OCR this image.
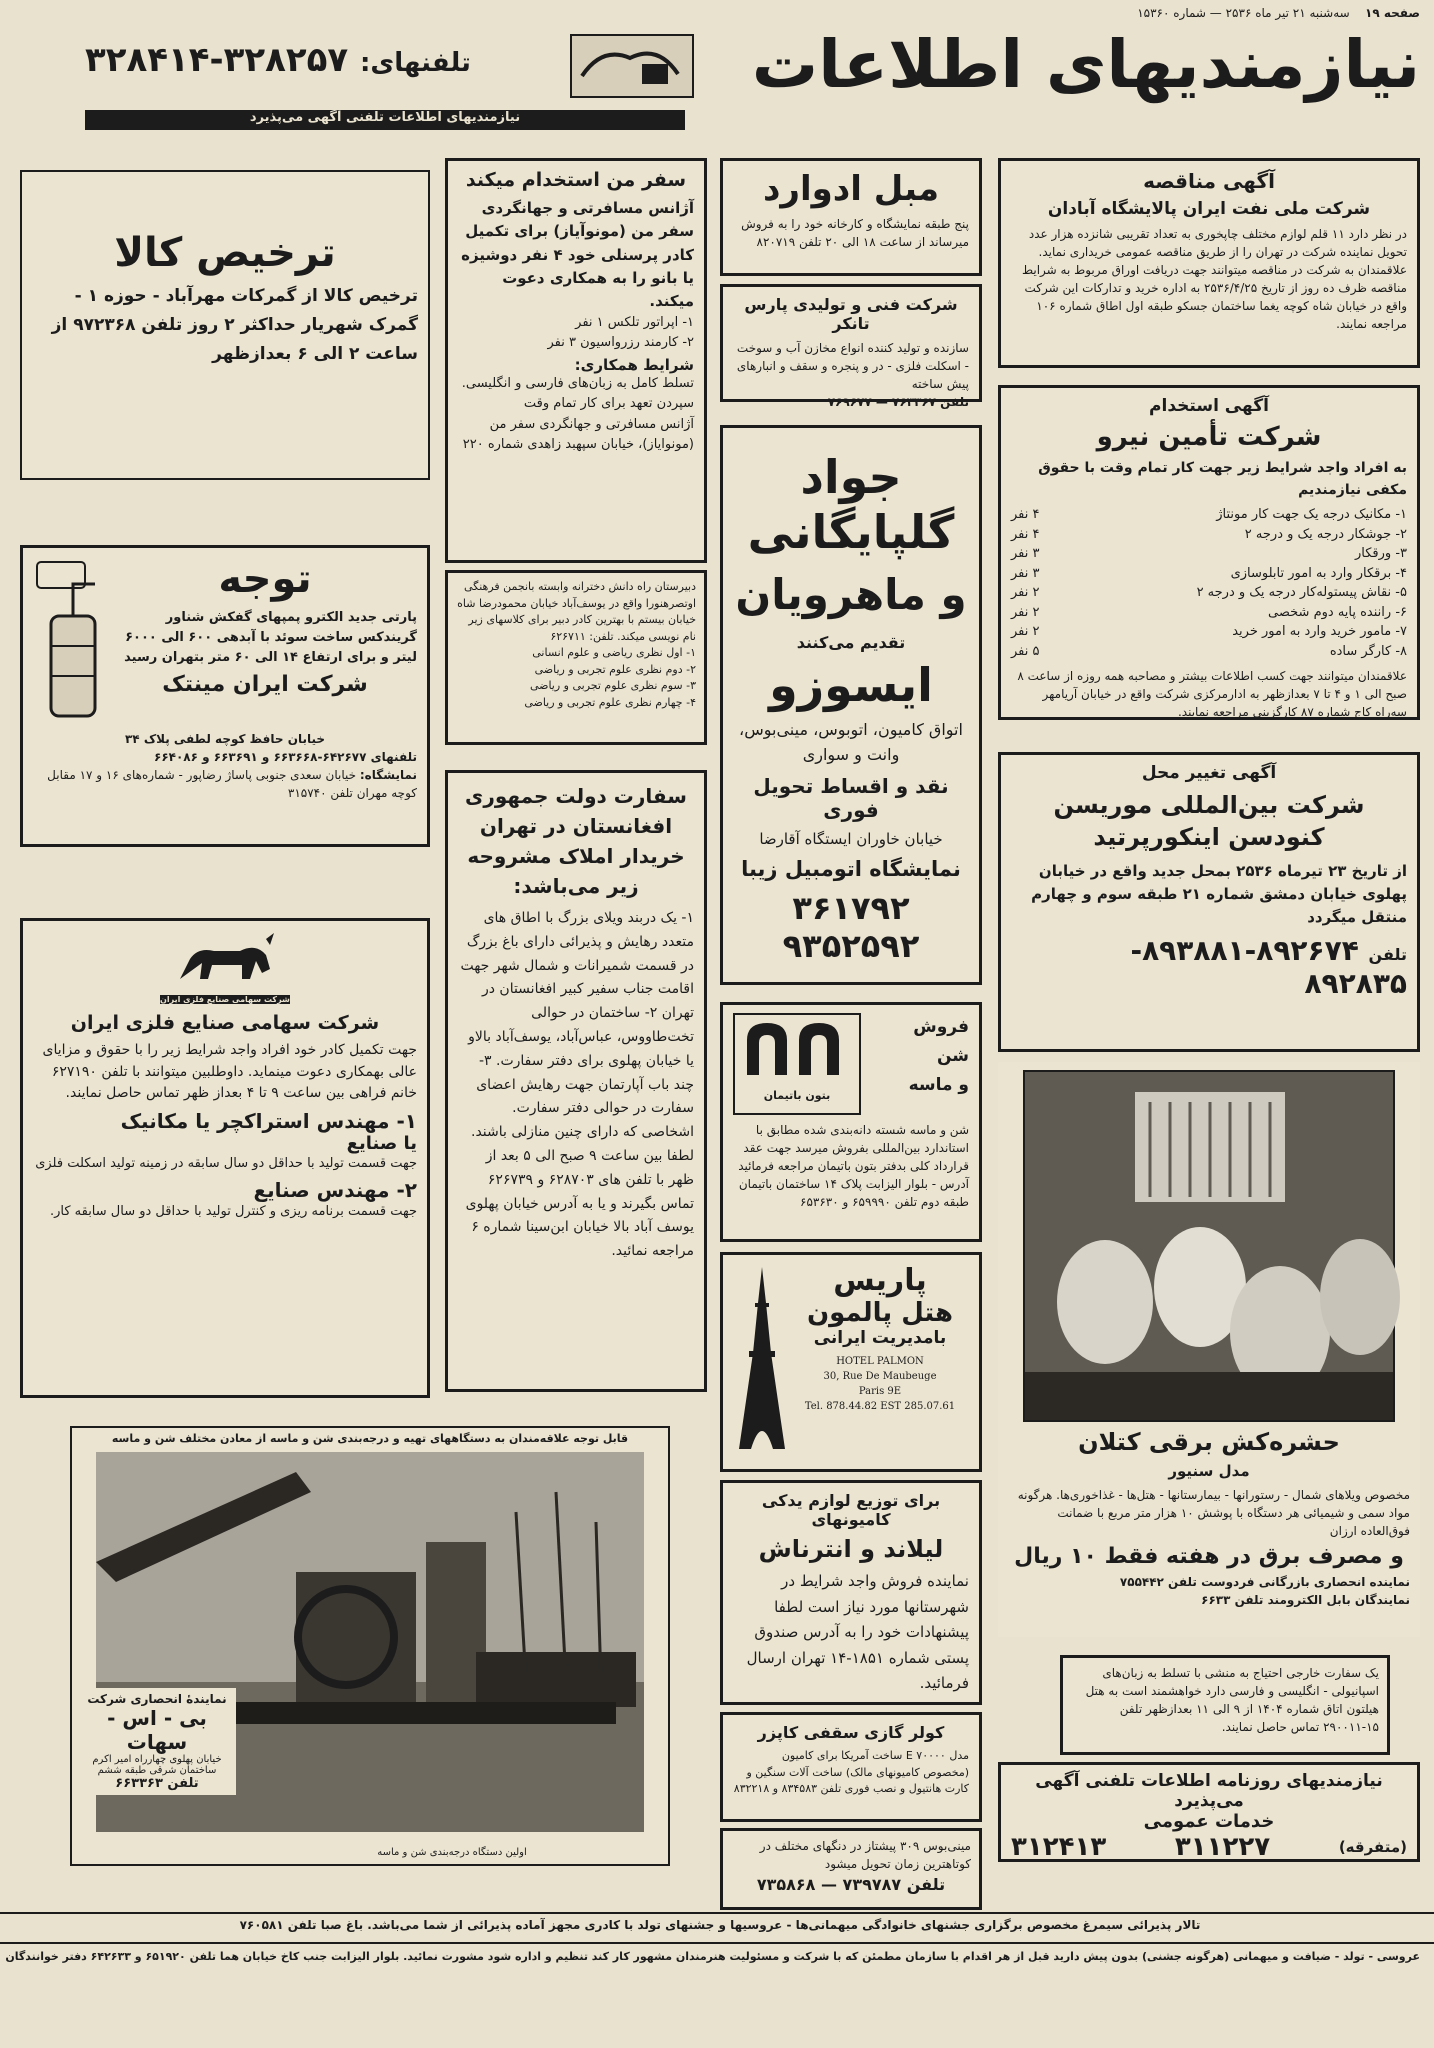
صفحه ۱۹    سه‌شنبه ۲۱ تیر ماه ۲۵۳۶ — شماره ۱۵۳۶۰
نیازمندیهای اطلاعات
تلفنهای: ۳۲۸۲۵۷-۳۲۸۴۱۴
نیازمندیهای اطلاعات تلفنی آگهی می‌پذیرد
آگهی مناقصه
شرکت ملی نفت ایران پالایشگاه آبادان

در نظر دارد ۱۱ قلم لوازم مختلف چاپخوری به تعداد تقریبی شانزده هزار عدد تحویل نماینده شرکت در تهران را از طریق مناقصه عمومی خریداری نماید. علاقمندان به شرکت در مناقصه میتوانند جهت دریافت اوراق مربوط به شرایط مناقصه ظرف ده روز از تاریخ ۲۵۳۶/۴/۲۵ به اداره خرید و تدارکات این شرکت واقع در خیابان شاه کوچه یغما ساختمان جسکو طبقه اول اطاق شماره ۱۰۶ مراجعه نمایند.

آگهی استخدام
شرکت تأمین نیرو

به افراد واجد شرایط زیر جهت کار تمام وقت با حقوق مکفی نیازمندیم

۱- مکانیک درجه یک جهت کار مونتاژ
۴ نفر
۲- جوشکار درجه یک و درجه ۲
۴ نفر
۳- ورقکار
۳ نفر
۴- برقکار وارد به امور تابلوسازی
۳ نفر
۵- نقاش پیستوله‌کار درجه یک و درجه ۲
۲ نفر
۶- راننده پایه دوم شخصی
۲ نفر
۷- مامور خرید وارد به امور خرید
۲ نفر
۸- کارگر ساده
۵ نفر

علاقمندان میتوانند جهت کسب اطلاعات بیشتر و مصاحبه همه روزه از ساعت ۸ صبح الی ۱ و ۴ تا ۷ بعدازظهر به ادارمرکزی شرکت واقع در خیابان آریامهر سه‌راه کاج شماره ۸۷ کارگزینی مراجعه نمایند.

آگهی تغییر محل
شرکت بین‌المللی موریسن کنودسن اینکورپرتید

از تاریخ ۲۳ تیرماه ۲۵۳۶ بمحل جدید واقع در خیابان پهلوی خیابان دمشق شماره ۲۱ طبقه سوم و چهارم منتقل میگردد

تلفن ۸۹۲۶۷۴-۸۹۳۸۸۱-
۸۹۲۸۳۵
حشره‌کش برقی کتلان
مدل سنیور

مخصوص ویلاهای شمال - رستورانها - بیمارستانها - هتل‌ها - غذاخوری‌ها. هرگونه مواد سمی و شیمیائی هر دستگاه با پوشش ۱۰ هزار متر مربع با ضمانت فوق‌العاده ارزان

و مصرف برق در هفته فقط ۱۰ ریال

نماینده انحصاری بازرگانی فردوست تلفن ۷۵۵۴۴۲

نمایندگان بابل الکترومند تلفن ۶۶۳۳

یک سفارت خارجی احتیاج به منشی با تسلط به زبان‌های اسپانیولی - انگلیسی و فارسی دارد خواهشمند است به هتل هیلتون اتاق شماره ۱۴۰۴ از ۹ الی ۱۱ بعدازظهر تلفن ۱۵-۲۹۰۰۱۱ تماس حاصل نمایند.

نیازمندیهای روزنامه اطلاعات تلفنی آگهی می‌پذیرد
خدمات عمومی
(متفرقه)
۳۱۱۲۲۷
۳۱۲۴۱۳
مبل ادوارد

پنج طبقه نمایشگاه و کارخانه خود را به فروش میرساند از ساعت ۱۸ الی ۲۰ تلفن ۸۲۰۷۱۹

شرکت فنی و تولیدی پارس تانکر

سازنده و تولید کننده انواع مخازن آب و سوخت - اسکلت فلزی - در و پنجره و سقف و انبارهای پیش ساخته

تلفن ۷۶۳۳۶۷ — ۷۶۹۶۷۷

جواد گلپایگانی
و ماهرویان
تقدیم می‌کنند
ایسوزو
اتواق کامیون، اتوبوس، مینی‌بوس، وانت و سواری
نقد و اقساط تحویل فوری
خیابان خاوران ایستگاه آقارضا
نمایشگاه اتومبیل زیبا
۳۶۱۷۹۲ ۹۳۵۲۵۹۲
فروش
شن
و ماسه
بتون باتیمان

شن و ماسه شسته دانه‌بندی شده مطابق با استاندارد بین‌المللی بفروش میرسد جهت عقد قرارداد کلی بدفتر بتون باتیمان مراجعه فرمائید آدرس - بلوار الیزابت پلاک ۱۴ ساختمان باتیمان طبقه دوم تلفن ۶۵۹۹۹۰ و ۶۵۳۶۳۰

پاریس
هتل پالمون
بامدیریت ایرانی
HOTEL PALMON
30, Rue De Maubeuge
Paris 9E
Tel. 878.44.82 EST 285.07.61
برای توزیع لوازم یدکی کامیونهای
لیلاند و انترناش

نماینده فروش واجد شرایط در شهرستانها مورد نیاز است لطفا پیشنهادات خود را به آدرس صندوق پستی شماره ۱۸۵۱-۱۴ تهران ارسال فرمائید.

کولر گازی سقفی کاپزر

مدل E ۷۰۰۰۰ ساخت آمریکا برای کامیون (مخصوص کامیونهای مالک) ساخت آلات سنگین و کارت هانتیول و نصب فوری تلفن ۸۳۴۵۸۳ و ۸۳۲۲۱۸

مینی‌بوس ۳۰۹ پیشتاز در دنگهای مختلف در کوتاهترین زمان تحویل میشود

تلفن ۷۳۹۷۸۷ — ۷۳۵۸۶۸

سفر من استخدام میکند

آژانس مسافرتی و جهانگردی سفر من (مونوآیاز) برای تکمیل کادر پرسنلی خود ۴ نفر دوشیزه یا بانو را به همکاری دعوت میکند.

۱- اپراتور تلکس ۱ نفر
۲- کارمند رزرواسیون ۳ نفر
شرایط همکاری:

تسلط کامل به زبان‌های فارسی و انگلیسی. سپردن تعهد برای کار تمام وقت

آژانس مسافرتی و جهانگردی سفر من (مونوایاز)، خیابان سپهبد زاهدی شماره ۲۲۰

دبیرستان راه دانش دخترانه وابسته بانجمن فرهنگی اوتصرهنورا واقع در یوسف‌آباد خیابان محمودرضا شاه خیابان بیستم با بهترین کادر دبیر برای کلاسهای زیر نام نویسی میکند. تلفن: ۶۲۶۷۱۱

۱- اول نظری ریاضی و علوم انسانی
۲- دوم نظری علوم تجربی و ریاضی
۳- سوم نظری علوم تجربی و ریاضی
۴- چهارم نظری علوم تجربی و ریاضی
سفارت دولت جمهوری افغانستان در تهران خریدار املاک مشروحه زیر می‌باشد:

۱- یک دربند ویلای بزرگ با اطاق های متعدد رهایش و پذیرائی دارای باغ بزرگ در قسمت شمیرانات و شمال شهر جهت اقامت جناب سفیر کبیر افغانستان در تهران ۲- ساختمان در حوالی تخت‌طاووس، عباس‌آباد، یوسف‌آباد بالاو یا خیابان پهلوی برای دفتر سفارت. ۳- چند باب آپارتمان جهت رهایش اعضای سفارت در حوالی دفتر سفارت. اشخاصی که دارای چنین منازلی باشند. لطفا بین ساعت ۹ صبح الی ۵ بعد از ظهر با تلفن های ۶۲۸۷۰۳ و ۶۲۶۷۳۹ تماس بگیرند و یا به آدرس خیابان پهلوی یوسف آباد بالا خیابان ابن‌سینا شماره ۶ مراجعه نمائید.

ترخیص کالا

ترخیص کالا از گمرکات مهرآباد - حوزه ۱ - گمرک شهریار حداکثر ۲ روز تلفن ۹۷۲۳۶۸ از ساعت ۲ الی ۶ بعدازظهر

توجه

پارتی جدید الکترو پمپهای گفکش شناور گریندکس ساخت سوئد با آبدهی ۶۰۰ الی ۶۰۰۰ لیتر و برای ارتفاع ۱۴ الی ۶۰ متر بتهران رسید

شرکت ایران مینتک

خیابان حافظ کوچه لطفی پلاک ۳۴

تلفنهای ۶۴۲۶۷۷-۶۶۳۶۶۸ و ۶۶۳۶۹۱ و ۶۶۴۰۸۶

نمایشگاه: خیابان سعدی جنوبی پاساژ رضاپور - شماره‌های ۱۶ و ۱۷ مقابل کوچه مهران تلفن ۳۱۵۷۴۰

شرکت سهامی صنایع فلزی ایران
شرکت سهامی صنایع فلزی ایران

جهت تکمیل کادر خود افراد واجد شرایط زیر را با حقوق و مزایای عالی بهمکاری دعوت مینماید. داوطلبین میتوانند با تلفن ۶۲۷۱۹۰ خانم فراهی بین ساعت ۹ تا ۴ بعداز ظهر تماس حاصل نمایند.

۱- مهندس استراکچر یا مکانیک
یا صنایع

جهت قسمت تولید با حداقل دو سال سابقه در زمینه تولید اسکلت فلزی

۲- مهندس صنایع

جهت قسمت برنامه ریزی و کنترل تولید با حداقل دو سال سابقه کار.

قابل توجه علاقه‌مندان به دستگاههای تهیه و درجه‌بندی شن و ماسه از معادن مختلف شن و ماسه
نمایندهٔ انحصاری شرکت
بی - اس - سهات
خیابان پهلوی چهارراه امیر اکرم ساختمان شرقی طبقه ششم
تلفن ۶۶۳۳۶۳
اولین دستگاه درجه‌بندی شن و ماسه
تالار پذیرائی سیمرغ مخصوص برگزاری جشنهای خانوادگی میهمانی‌ها - عروسیها و جشنهای تولد با کادری مجهز آماده پذیرائی از شما می‌باشد. باغ صبا تلفن ۷۶۰۵۸۱
عروسی - تولد - ضیافت و میهمانی (هرگونه جشنی) بدون پیش دارید قبل از هر اقدام با سازمان مطمئن که با شرکت و مسئولیت هنرمندان مشهور کار کند تنظیم و اداره شود مشورت نمائید. بلوار الیزابت جنب کاخ خیابان هما تلفن ۶۵۱۹۲۰ و ۶۴۲۶۳۳ دفتر خوانندگان
